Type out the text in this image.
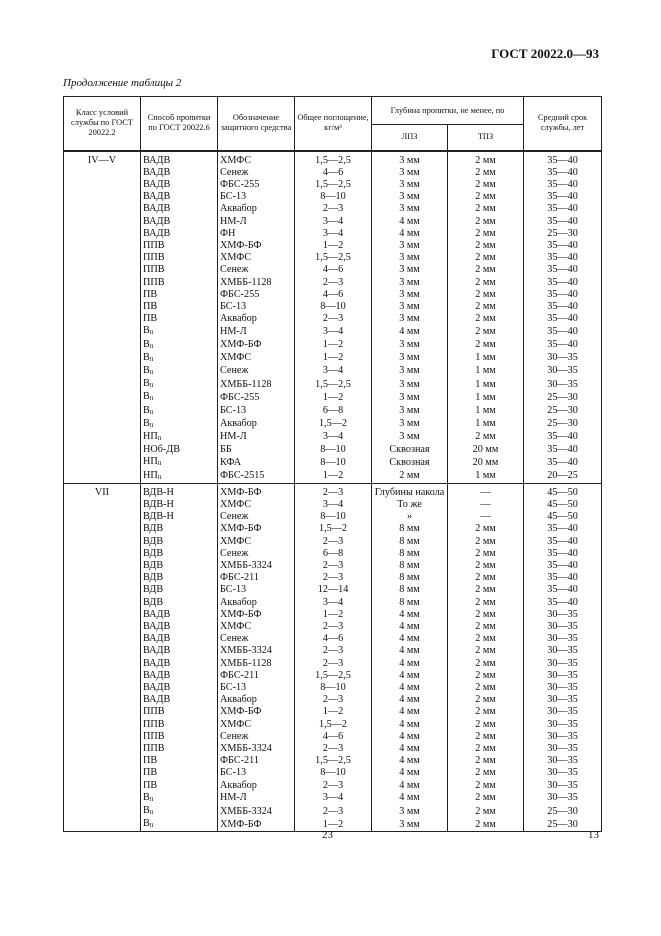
ГОСТ 20022.0—93
Продолжение таблицы 2
Класс условий службы по ГОСТ 20022.2	Способ пропитки по ГОСТ 20022.6	Обозначение защитного средства	Общее поглощение, кг/м³	Глубина пропитки, не менее, по		Средний срок службы, лет
				ЛПЗ	ТПЗ	
IV—V	ВАДВ	ХМФС	1,5—2,5	3 мм	2 мм	35—40
	ВАДВ	Сенеж	4—6	3 мм	2 мм	35—40
	ВАДВ	ФБС-255	1,5—2,5	3 мм	2 мм	35—40
	ВАДВ	БС-13	8—10	3 мм	2 мм	35—40
	ВАДВ	Аквабор	2—3	3 мм	2 мм	35—40
	ВАДВ	НМ-Л	3—4	4 мм	2 мм	35—40
	ВАДВ	ФН	3—4	4 мм	2 мм	25—30
	ППВ	ХМФ-БФ	1—2	3 мм	2 мм	35—40
	ППВ	ХМФС	1,5—2,5	3 мм	2 мм	35—40
	ППВ	Сенеж	4—6	3 мм	2 мм	35—40
	ППВ	ХМББ-1128	2—3	3 мм	2 мм	35—40
	ПВ	ФБС-255	4—6	3 мм	2 мм	35—40
	ПВ	БС-13	8—10	3 мм	2 мм	35—40
	ПВ	Аквабор	2—3	3 мм	2 мм	35—40
	$В_п$	НМ-Л	3—4	4 мм	2 мм	35—40
	$В_п$	ХМФ-БФ	1—2	3 мм	2 мм	35—40
	$В_п$	ХМФС	1—2	3 мм	1 мм	30—35
	$В_п$	Сенеж	3—4	3 мм	1 мм	30—35
	$В_п$	ХМББ-1128	1,5—2,5	3 мм	1 мм	30—35
	$В_п$	ФБС-255	1—2	3 мм	1 мм	25—30
	$В_п$	БС-13	6—8	3 мм	1 мм	25—30
	$В_п$	Аквабор	1,5—2	3 мм	1 мм	25—30
	$НП_п$	НМ-Л	3—4	3 мм	2 мм	35—40
	НОб-ДВ	ББ	8—10	Сквозная	20 мм	35—40
	$НП_п$	КФА	8—10	Сквозная	20 мм	35—40
	$НП_п$	ФБС-2515	1—2	2 мм	1 мм	20—25
VII	ВДВ-Н	ХМФ-БФ	2—3	Глубины накола	—	45—50
	ВДВ-Н	ХМФС	3—4	То же	—	45—50
	ВДВ-Н	Сенеж	8—10	»	—	45—50
	ВДВ	ХМФ-БФ	1,5—2	8 мм	2 мм	35—40
	ВДВ	ХМФС	2—3	8 мм	2 мм	35—40
	ВДВ	Сенеж	6—8	8 мм	2 мм	35—40
	ВДВ	ХМББ-3324	2—3	8 мм	2 мм	35—40
	ВДВ	ФБС-211	2—3	8 мм	2 мм	35—40
	ВДВ	БС-13	12—14	8 мм	2 мм	35—40
	ВДВ	Аквабор	3—4	8 мм	2 мм	35—40
	ВАДВ	ХМФ-БФ	1—2	4 мм	2 мм	30—35
	ВАДВ	ХМФС	2—3	4 мм	2 мм	30—35
	ВАДВ	Сенеж	4—6	4 мм	2 мм	30—35
	ВАДВ	ХМББ-3324	2—3	4 мм	2 мм	30—35
	ВАДВ	ХМББ-1128	2—3	4 мм	2 мм	30—35
	ВАДВ	ФБС-211	1,5—2,5	4 мм	2 мм	30—35
	ВАДВ	БС-13	8—10	4 мм	2 мм	30—35
	ВАДВ	Аквабор	2—3	4 мм	2 мм	30—35
	ППВ	ХМФ-БФ	1—2	4 мм	2 мм	30—35
	ППВ	ХМФС	1,5—2	4 мм	2 мм	30—35
	ППВ	Сенеж	4—6	4 мм	2 мм	30—35
	ППВ	ХМББ-3324	2—3	4 мм	2 мм	30—35
	ПВ	ФБС-211	1,5—2,5	4 мм	2 мм	30—35
	ПВ	БС-13	8—10	4 мм	2 мм	30—35
	ПВ	Аквабор	2—3	4 мм	2 мм	30—35
	$В_п$	НМ-Л	3—4	4 мм	2 мм	30—35
	$В_п$	ХМББ-3324	2—3	3 мм	2 мм	25—30
	$В_п$	ХМФ-БФ	1—2	3 мм	2 мм	25—30
23	13
